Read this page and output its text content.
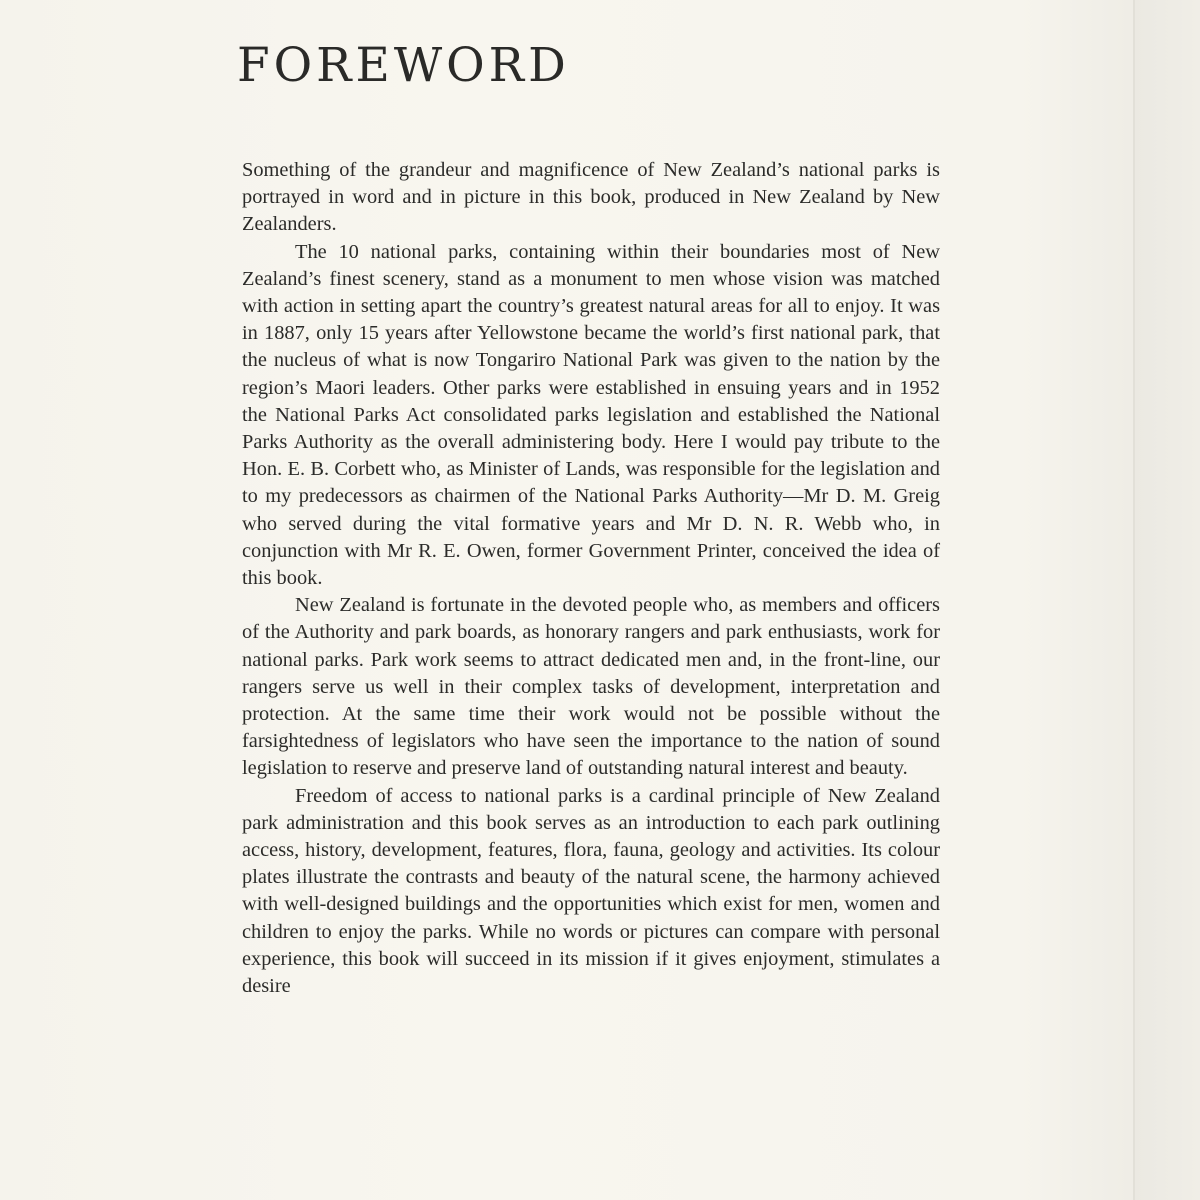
FOREWORD

Something of the grandeur and magnificence of New Zealand’s national parks is portrayed in word and in picture in this book, produced in New Zealand by New Zealanders.

The 10 national parks, containing within their boundaries most of New Zealand’s finest scenery, stand as a monument to men whose vision was matched with action in setting apart the country’s greatest natural areas for all to enjoy. It was in 1887, only 15 years after Yellowstone became the world’s first national park, that the nucleus of what is now Tongariro National Park was given to the nation by the region’s Maori leaders. Other parks were established in ensuing years and in 1952 the National Parks Act consolidated parks legislation and established the National Parks Authority as the overall administering body. Here I would pay tribute to the Hon. E. B. Corbett who, as Minister of Lands, was responsible for the legislation and to my predecessors as chairmen of the National Parks Authority—Mr D. M. Greig who served during the vital formative years and Mr D. N. R. Webb who, in conjunction with Mr R. E. Owen, former Government Printer, conceived the idea of this book.

New Zealand is fortunate in the devoted people who, as members and officers of the Authority and park boards, as honorary rangers and park enthusiasts, work for national parks. Park work seems to attract dedicated men and, in the front-line, our rangers serve us well in their complex tasks of development, interpretation and protection. At the same time their work would not be possible without the farsightedness of legislators who have seen the importance to the nation of sound legislation to reserve and preserve land of outstanding natural interest and beauty.

Freedom of access to national parks is a cardinal principle of New Zealand park administration and this book serves as an introduction to each park outlining access, history, development, features, flora, fauna, geology and activities. Its colour plates illustrate the contrasts and beauty of the natural scene, the harmony achieved with well-designed buildings and the opportunities which exist for men, women and children to enjoy the parks. While no words or pictures can compare with personal experience, this book will succeed in its mission if it gives enjoyment, stimulates a desire
